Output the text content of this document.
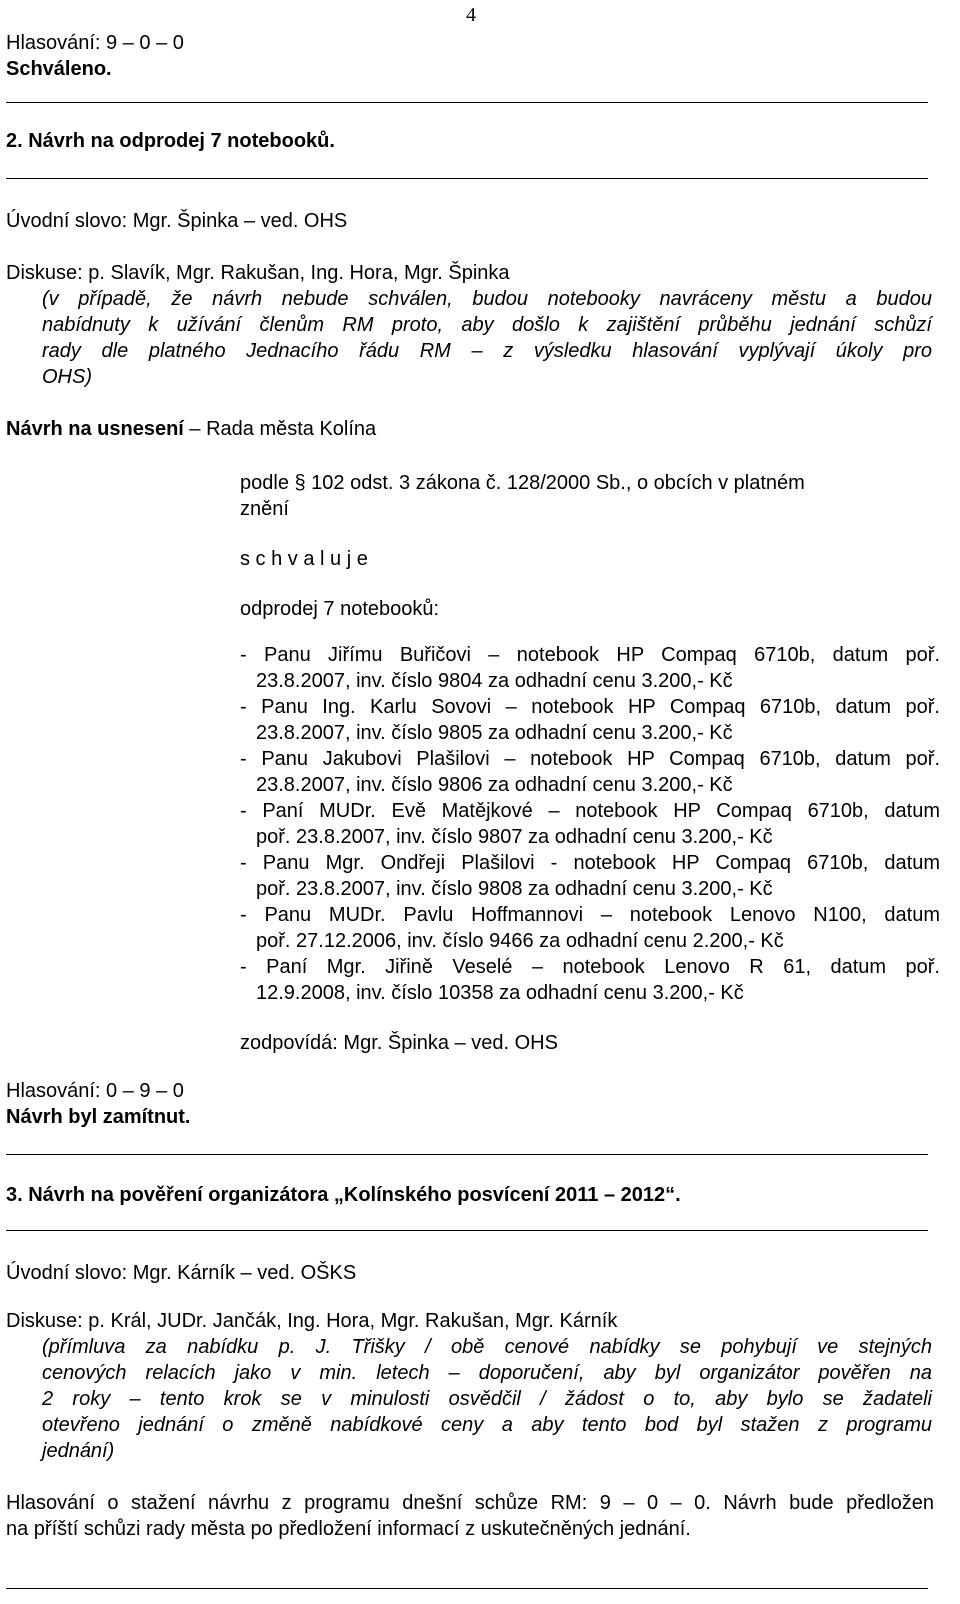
4
Hlasování: 9 – 0 – 0
Schváleno.
2. Návrh na odprodej 7 notebooků.
Úvodní slovo: Mgr. Špinka – ved. OHS
Diskuse: p. Slavík, Mgr. Rakušan, Ing. Hora, Mgr. Špinka
(v případě, že návrh nebude schválen, budou notebooky navráceny městu a budou
nabídnuty k užívání členům RM proto, aby došlo k zajištění průběhu jednání schůzí
rady dle platného Jednacího řádu RM – z výsledku hlasování vyplývají úkoly pro
OHS)
Návrh na usnesení – Rada města Kolína
podle § 102 odst. 3 zákona č. 128/2000 Sb., o obcích v platném
znění
s c h v a l u j e
odprodej 7 notebooků:
- Panu Jiřímu Buřičovi – notebook HP Compaq 6710b, datum poř.
23.8.2007, inv. číslo 9804 za odhadní cenu 3.200,- Kč
- Panu Ing. Karlu Sovovi – notebook HP Compaq 6710b, datum poř.
23.8.2007, inv. číslo 9805 za odhadní cenu 3.200,- Kč
- Panu Jakubovi Plašilovi – notebook HP Compaq 6710b, datum poř.
23.8.2007, inv. číslo 9806 za odhadní cenu 3.200,- Kč
- Paní MUDr. Evě Matějkové – notebook HP Compaq 6710b, datum
poř. 23.8.2007, inv. číslo 9807 za odhadní cenu 3.200,- Kč
- Panu Mgr. Ondřeji Plašilovi - notebook HP Compaq 6710b, datum
poř. 23.8.2007, inv. číslo 9808 za odhadní cenu 3.200,- Kč
- Panu MUDr. Pavlu Hoffmannovi – notebook Lenovo N100, datum
poř. 27.12.2006, inv. číslo 9466 za odhadní cenu 2.200,- Kč
- Paní Mgr. Jiřině Veselé – notebook Lenovo R 61, datum poř.
12.9.2008, inv. číslo 10358 za odhadní cenu 3.200,- Kč
zodpovídá: Mgr. Špinka – ved. OHS
Hlasování: 0 – 9 – 0
Návrh byl zamítnut.
3. Návrh na pověření organizátora „Kolínského posvícení 2011 – 2012“.
Úvodní slovo: Mgr. Kárník – ved. OŠKS
Diskuse: p. Král, JUDr. Jančák, Ing. Hora, Mgr. Rakušan, Mgr. Kárník
(přímluva za nabídku p. J. Třišky / obě cenové nabídky se pohybují ve stejných
cenových relacích jako v min. letech – doporučení, aby byl organizátor pověřen na
2 roky – tento krok se v minulosti osvědčil / žádost o to, aby bylo se žadateli
otevřeno jednání o změně nabídkové ceny a aby tento bod byl stažen z programu
jednání)
Hlasování o stažení návrhu z programu dnešní schůze RM: 9 – 0 – 0. Návrh bude předložen
na příští schůzi rady města po předložení informací z uskutečněných jednání.
